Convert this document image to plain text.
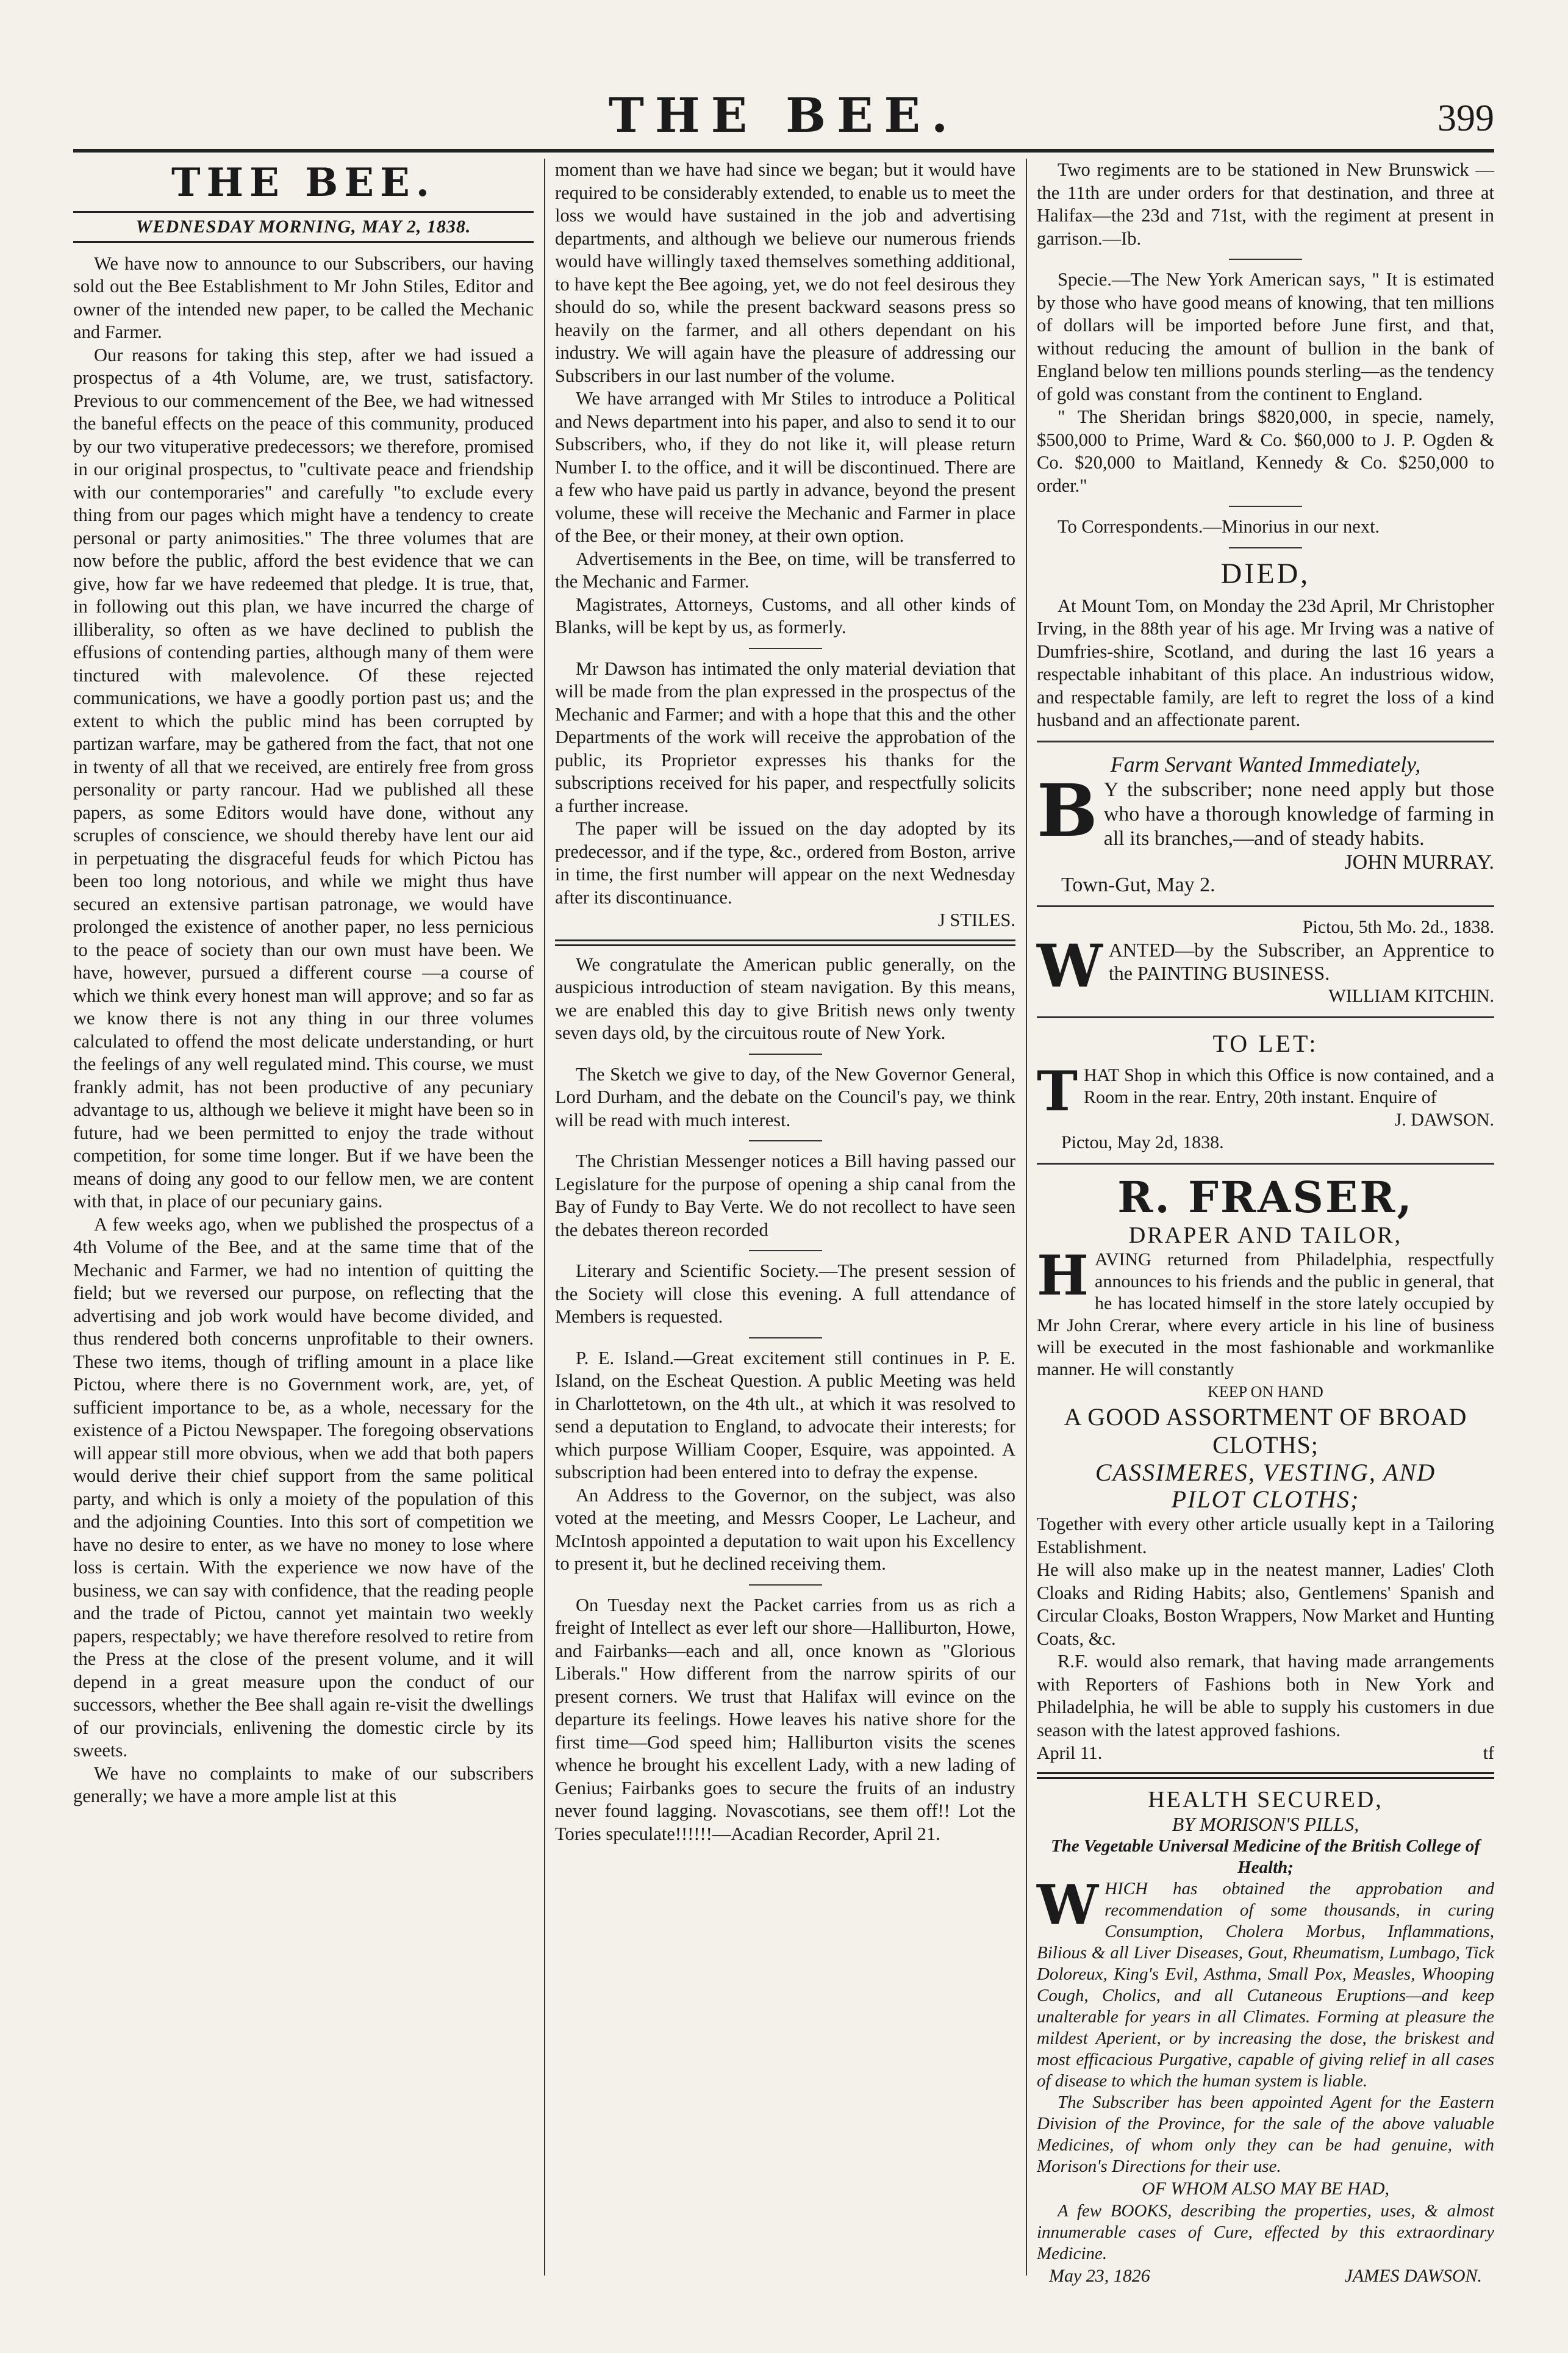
THE BEE.	399
THE BEE.
WEDNESDAY MORNING, MAY 2, 1838.

We have now to announce to our Subscribers, our having sold out the Bee Establishment to Mr John Stiles, Editor and owner of the intended new paper, to be called the Mechanic and Farmer.

Our reasons for taking this step, after we had issued a prospectus of a 4th Volume, are, we trust, satisfactory. Previous to our commencement of the Bee, we had witnessed the baneful effects on the peace of this community, produced by our two vituperative predecessors; we therefore, promised in our original prospectus, to "cultivate peace and friendship with our contemporaries" and carefully "to exclude every thing from our pages which might have a tendency to create personal or party animosities." The three volumes that are now before the public, afford the best evidence that we can give, how far we have redeemed that pledge. It is true, that, in following out this plan, we have incurred the charge of illiberality, so often as we have declined to publish the effusions of contending parties, although many of them were tinctured with malevolence. Of these rejected communications, we have a goodly portion past us; and the extent to which the public mind has been corrupted by partizan warfare, may be gathered from the fact, that not one in twenty of all that we received, are entirely free from gross personality or party rancour. Had we published all these papers, as some Editors would have done, without any scruples of conscience, we should thereby have lent our aid in perpetuating the disgraceful feuds for which Pictou has been too long notorious, and while we might thus have secured an extensive partisan patronage, we would have prolonged the existence of another paper, no less pernicious to the peace of society than our own must have been. We have, however, pursued a different course —a course of which we think every honest man will approve; and so far as we know there is not any thing in our three volumes calculated to offend the most delicate understanding, or hurt the feelings of any well regulated mind. This course, we must frankly admit, has not been productive of any pecuniary advantage to us, although we believe it might have been so in future, had we been permitted to enjoy the trade without competition, for some time longer. But if we have been the means of doing any good to our fellow men, we are content with that, in place of our pecuniary gains.

A few weeks ago, when we published the prospectus of a 4th Volume of the Bee, and at the same time that of the Mechanic and Farmer, we had no intention of quitting the field; but we reversed our purpose, on reflecting that the advertising and job work would have become divided, and thus rendered both concerns unprofitable to their owners. These two items, though of trifling amount in a place like Pictou, where there is no Government work, are, yet, of sufficient importance to be, as a whole, necessary for the existence of a Pictou Newspaper. The foregoing observations will appear still more obvious, when we add that both papers would derive their chief support from the same political party, and which is only a moiety of the population of this and the adjoining Counties. Into this sort of competition we have no desire to enter, as we have no money to lose where loss is certain. With the experience we now have of the business, we can say with confidence, that the reading people and the trade of Pictou, cannot yet maintain two weekly papers, respectably; we have therefore resolved to retire from the Press at the close of the present volume, and it will depend in a great measure upon the conduct of our successors, whether the Bee shall again re-visit the dwellings of our provincials, enlivening the domestic circle by its sweets.

We have no complaints to make of our subscribers generally; we have a more ample list at this

moment than we have had since we began; but it would have required to be considerably extended, to enable us to meet the loss we would have sustained in the job and advertising departments, and although we believe our numerous friends would have willingly taxed themselves something additional, to have kept the Bee agoing, yet, we do not feel desirous they should do so, while the present backward seasons press so heavily on the farmer, and all others dependant on his industry. We will again have the pleasure of addressing our Subscribers in our last number of the volume.

We have arranged with Mr Stiles to introduce a Political and News department into his paper, and also to send it to our Subscribers, who, if they do not like it, will please return Number I. to the office, and it will be discontinued. There are a few who have paid us partly in advance, beyond the present volume, these will receive the Mechanic and Farmer in place of the Bee, or their money, at their own option.

Advertisements in the Bee, on time, will be transferred to the Mechanic and Farmer.

Magistrates, Attorneys, Customs, and all other kinds of Blanks, will be kept by us, as formerly.

Mr Dawson has intimated the only material deviation that will be made from the plan expressed in the prospectus of the Mechanic and Farmer; and with a hope that this and the other Departments of the work will receive the approbation of the public, its Proprietor expresses his thanks for the subscriptions received for his paper, and respectfully solicits a further increase.

The paper will be issued on the day adopted by its predecessor, and if the type, &c., ordered from Boston, arrive in time, the first number will appear on the next Wednesday after its discontinuance.

J STILES.

We congratulate the American public generally, on the auspicious introduction of steam navigation. By this means, we are enabled this day to give British news only twenty seven days old, by the circuitous route of New York.

The Sketch we give to day, of the New Governor General, Lord Durham, and the debate on the Council's pay, we think will be read with much interest.

The Christian Messenger notices a Bill having passed our Legislature for the purpose of opening a ship canal from the Bay of Fundy to Bay Verte. We do not recollect to have seen the debates thereon recorded

Literary and Scientific Society.—The present session of the Society will close this evening. A full attendance of Members is requested.

P. E. Island.—Great excitement still continues in P. E. Island, on the Escheat Question. A public Meeting was held in Charlottetown, on the 4th ult., at which it was resolved to send a deputation to England, to advocate their interests; for which purpose William Cooper, Esquire, was appointed. A subscription had been entered into to defray the expense.

An Address to the Governor, on the subject, was also voted at the meeting, and Messrs Cooper, Le Lacheur, and McIntosh appointed a deputation to wait upon his Excellency to present it, but he declined receiving them.

On Tuesday next the Packet carries from us as rich a freight of Intellect as ever left our shore—Halliburton, Howe, and Fairbanks—each and all, once known as "Glorious Liberals." How different from the narrow spirits of our present corners. We trust that Halifax will evince on the departure its feelings. Howe leaves his native shore for the first time—God speed him; Halliburton visits the scenes whence he brought his excellent Lady, with a new lading of Genius; Fairbanks goes to secure the fruits of an industry never found lagging. Novascotians, see them off!! Lot the Tories speculate!!!!!!—Acadian Recorder, April 21.

Two regiments are to be stationed in New Brunswick — the 11th are under orders for that destination, and three at Halifax—the 23d and 71st, with the regiment at present in garrison.—Ib.

Specie.—The New York American says, " It is estimated by those who have good means of knowing, that ten millions of dollars will be imported before June first, and that, without reducing the amount of bullion in the bank of England below ten millions pounds sterling—as the tendency of gold was constant from the continent to England.

" The Sheridan brings $820,000, in specie, namely, $500,000 to Prime, Ward & Co. $60,000 to J. P. Ogden & Co. $20,000 to Maitland, Kennedy & Co. $250,000 to order."

To Correspondents.—Minorius in our next.

DIED,

At Mount Tom, on Monday the 23d April, Mr Christopher Irving, in the 88th year of his age. Mr Irving was a native of Dumfries-shire, Scotland, and during the last 16 years a respectable inhabitant of this place. An industrious widow, and respectable family, are left to regret the loss of a kind husband and an affectionate parent.

Farm Servant Wanted Immediately,
B Y the subscriber; none need apply but those who have a thorough knowledge of farming in all its branches,—and of steady habits.
JOHN MURRAY.
Town-Gut, May 2.
Pictou, 5th Mo. 2d., 1838.
W ANTED—by the Subscriber, an Apprentice to the PAINTING BUSINESS.
WILLIAM KITCHIN.
TO LET:
T HAT Shop in which this Office is now contained, and a Room in the rear. Entry, 20th instant. Enquire of
J. DAWSON.
Pictou, May 2d, 1838.
R. FRASER,
DRAPER AND TAILOR,
H AVING returned from Philadelphia, respectfully announces to his friends and the public in general, that he has located himself in the store lately occupied by Mr John Crerar, where every article in his line of business will be executed in the most fashionable and workmanlike manner. He will constantly
KEEP ON HAND
A GOOD ASSORTMENT OF BROAD
CLOTHS;
CASSIMERES, VESTING, AND
PILOT CLOTHS;

Together with every other article usually kept in a Tailoring Establishment.

He will also make up in the neatest manner, Ladies' Cloth Cloaks and Riding Habits; also, Gentlemens' Spanish and Circular Cloaks, Boston Wrappers, Now Market and Hunting Coats, &c.

R.F. would also remark, that having made arrangements with Reporters of Fashions both in New York and Philadelphia, he will be able to supply his customers in due season with the latest approved fashions.

April 11.	tf
HEALTH SECURED,
BY MORISON'S PILLS,
The Vegetable Universal Medicine of the British College of Health;
W HICH has obtained the approbation and recommendation of some thousands, in curing Consumption, Cholera Morbus, Inflammations, Bilious & all Liver Diseases, Gout, Rheumatism, Lumbago, Tick Doloreux, King's Evil, Asthma, Small Pox, Measles, Whooping Cough, Cholics, and all Cutaneous Eruptions—and keep unalterable for years in all Climates. Forming at pleasure the mildest Aperient, or by increasing the dose, the briskest and most efficacious Purgative, capable of giving relief in all cases of disease to which the human system is liable.

The Subscriber has been appointed Agent for the Eastern Division of the Province, for the sale of the above valuable Medicines, of whom only they can be had genuine, with Morison's Directions for their use.

OF WHOM ALSO MAY BE HAD,

A few BOOKS, describing the properties, uses, & almost innumerable cases of Cure, effected by this extraordinary Medicine.

May 23, 1826	JAMES DAWSON.
